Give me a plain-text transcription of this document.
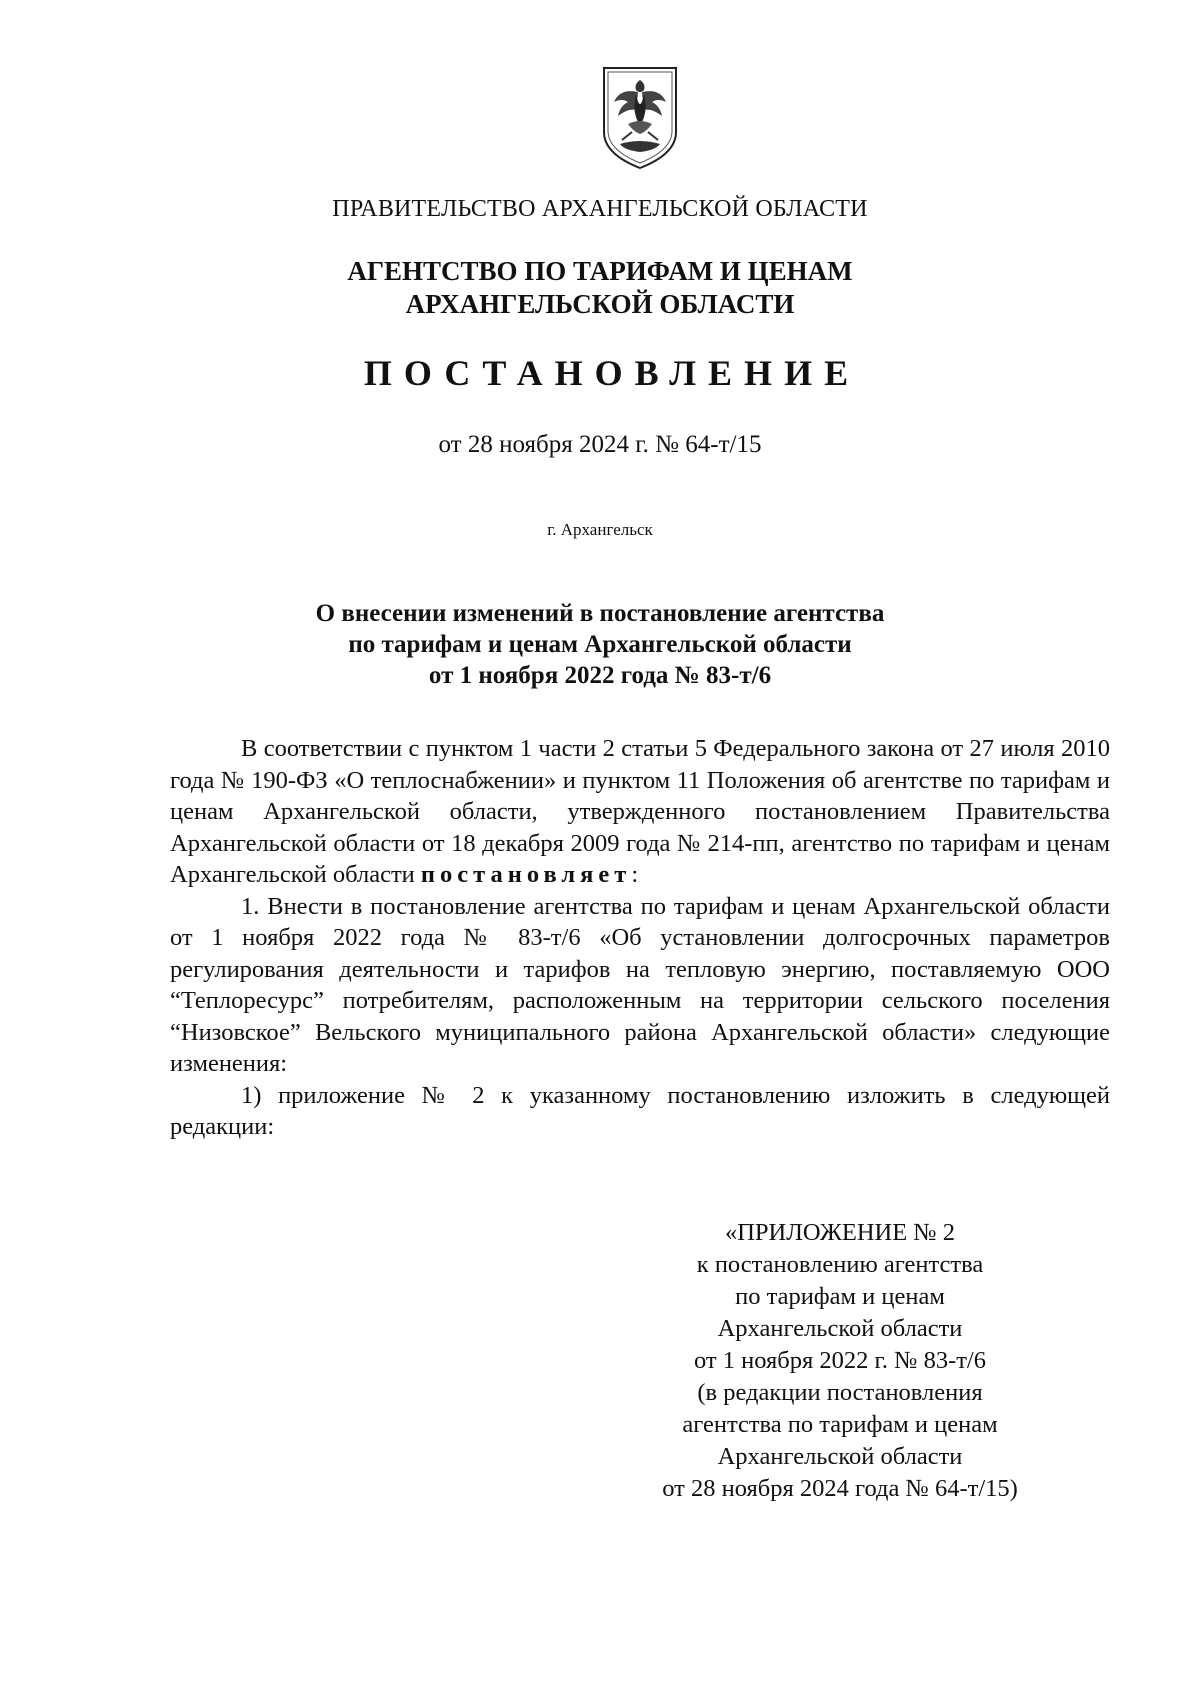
ПРАВИТЕЛЬСТВО АРХАНГЕЛЬСКОЙ ОБЛАСТИ
АГЕНТСТВО ПО ТАРИФАМ И ЦЕНАМ
АРХАНГЕЛЬСКОЙ ОБЛАСТИ
ПОСТАНОВЛЕНИЕ
от 28 ноября 2024 г. № 64-т/15
г. Архангельск
О внесении изменений в постановление агентства
по тарифам и ценам Архангельской области
от 1 ноября 2022 года № 83-т/6

В соответствии с пунктом 1 части 2 статьи 5 Федерального закона от 27 июля 2010 года № 190-ФЗ «О теплоснабжении» и пунктом 11 Положения об агентстве по тарифам и ценам Архангельской области, утвержденного постановлением Правительства Архангельской области от 18 декабря 2009 года № 214-пп, агентство по тарифам и ценам Архангельской области постановляет:

1. Внести в постановление агентства по тарифам и ценам Архангельской области от 1 ноября 2022 года № 83-т/6 «Об установлении долгосрочных параметров регулирования деятельности и тарифов на тепловую энергию, поставляемую ООО “Теплоресурс” потребителям, расположенным на территории сельского поселения “Низовское” Вельского муниципального района Архангельской области» следующие изменения:

1) приложение № 2 к указанному постановлению изложить в следующей редакции:

«ПРИЛОЖЕНИЕ № 2
к постановлению агентства
по тарифам и ценам
Архангельской области
от 1 ноября 2022 г. № 83-т/6
(в редакции постановления
агентства по тарифам и ценам
Архангельской области
от 28 ноября 2024 года № 64-т/15)
